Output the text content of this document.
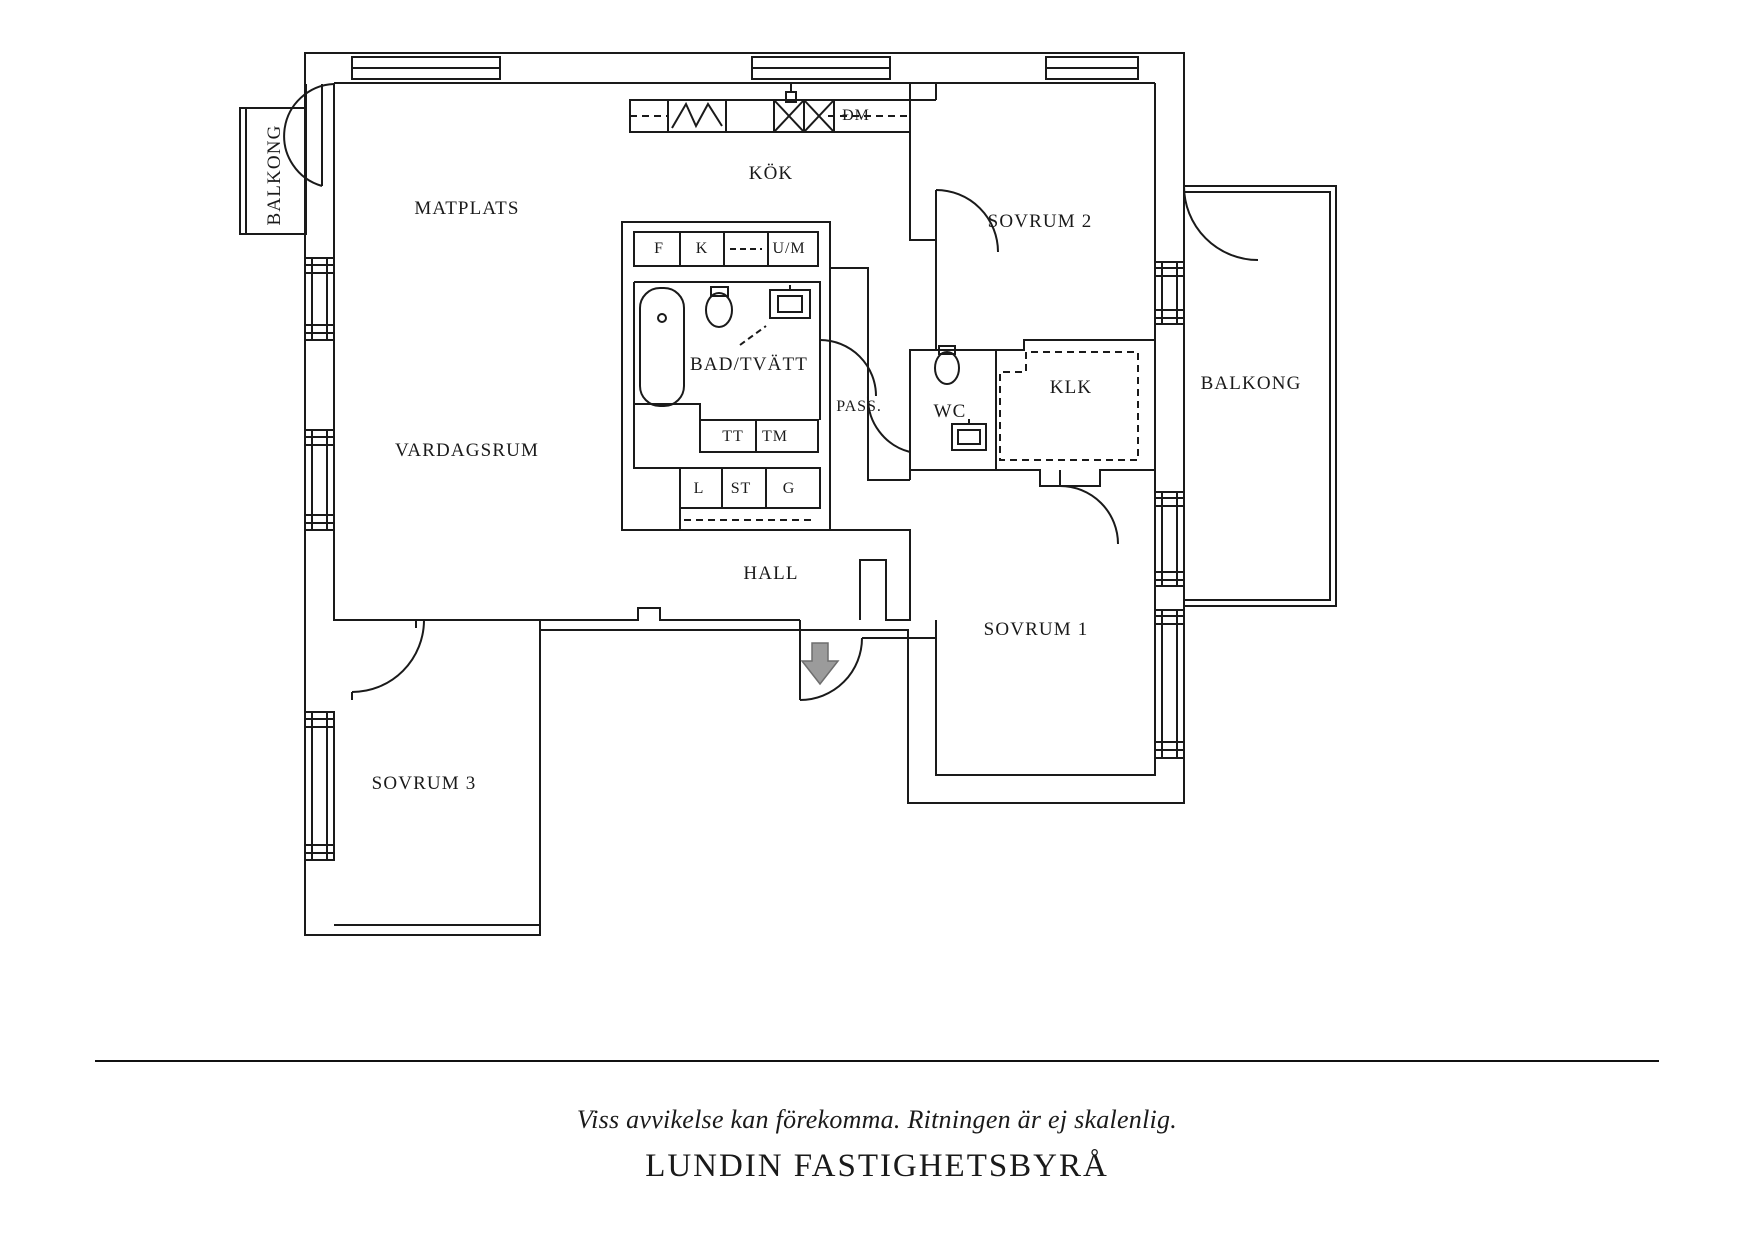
BALKONG	MATPLATS
KÖK
SOVRUM 2
BALKONG
BAD/TVÄTT
PASS.	WC
KLK
VARDAGSRUM
HALL
SOVRUM 1
SOVRUM 3
ĐM
F K	U/M
TT TM
L ST G
Viss avvikelse kan förekomma. Ritningen är ej skalenlig.
LUNDIN FASTIGHETSBYRÅ
